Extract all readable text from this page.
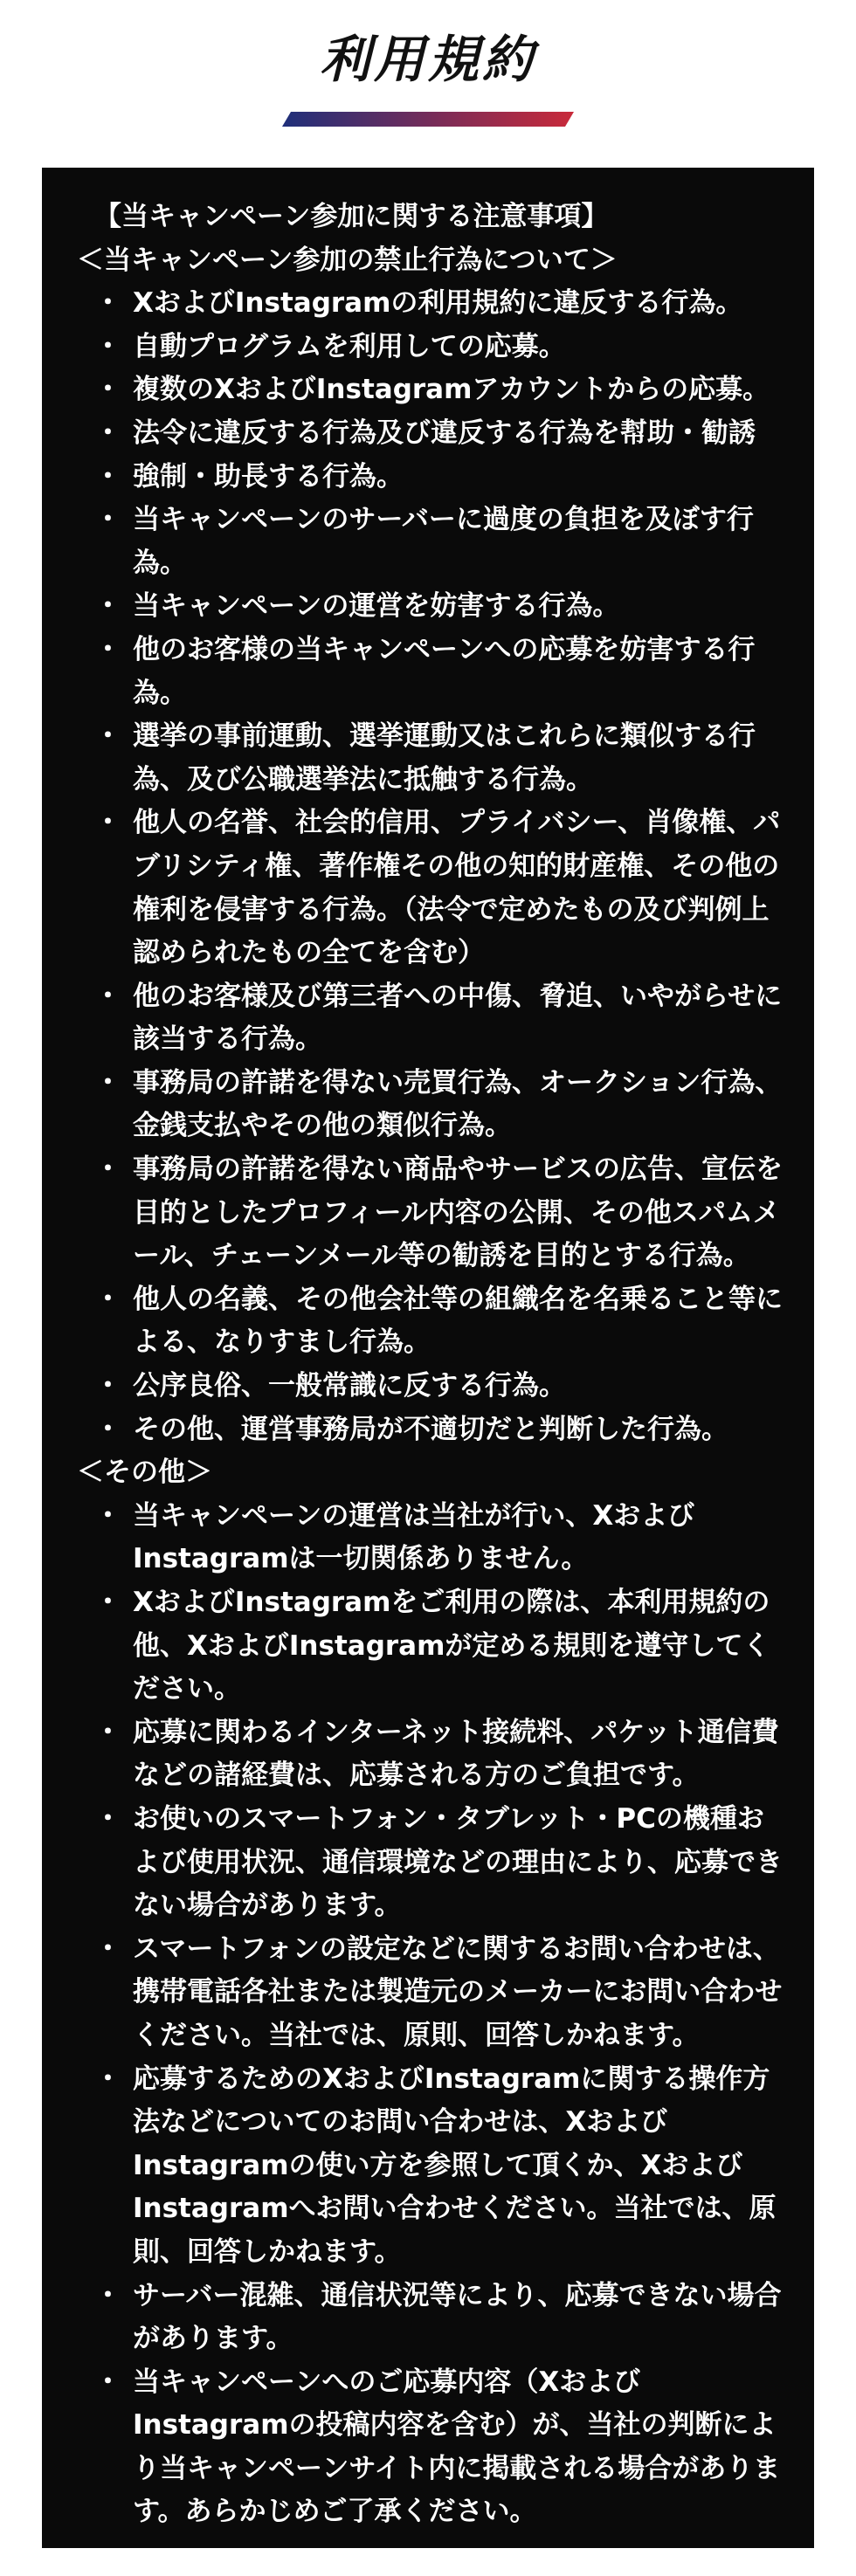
利用規約
【当キャンペーン参加に関する注意事項】
＜当キャンペーン参加の禁止行為について＞
・ XおよびInstagramの利用規約に違反する行為。
・ 自動プログラムを利用しての応募。
・ 複数のXおよびInstagramアカウントからの応募。
・ 法令に違反する行為及び違反する行為を幇助・勧誘
・ 強制・助長する行為。
・ 当キャンペーンのサーバーに過度の負担を及ぼす行為。
・ 当キャンペーンの運営を妨害する行為。
・ 他のお客様の当キャンペーンへの応募を妨害する行為。
・ 選挙の事前運動、選挙運動又はこれらに類似する行為、及び公職選挙法に抵触する行為。
・ 他人の名誉、社会的信用、プライバシー、肖像権、パブリシティ権、著作権その他の知的財産権、その他の権利を侵害する行為。（法令で定めたもの及び判例上認められたもの全てを含む）
・ 他のお客様及び第三者への中傷、脅迫、いやがらせに該当する行為。
・ 事務局の許諾を得ない売買行為、オークション行為、金銭支払やその他の類似行為。
・ 事務局の許諾を得ない商品やサービスの広告、宣伝を目的としたプロフィール内容の公開、その他スパムメール、チェーンメール等の勧誘を目的とする行為。
・ 他人の名義、その他会社等の組織名を名乗ること等による、なりすまし行為。
・ 公序良俗、一般常識に反する行為。
・ その他、運営事務局が不適切だと判断した行為。
＜その他＞
・ 当キャンペーンの運営は当社が行い、XおよびInstagramは一切関係ありません。
・ XおよびInstagramをご利用の際は、本利用規約の他、XおよびInstagramが定める規則を遵守してください。
・ 応募に関わるインターネット接続料、パケット通信費などの諸経費は、応募される方のご負担です。
・ お使いのスマートフォン・タブレット・PCの機種および使用状況、通信環境などの理由により、応募できない場合があります。
・ スマートフォンの設定などに関するお問い合わせは、携帯電話各社または製造元のメーカーにお問い合わせください。当社では、原則、回答しかねます。
・ 応募するためのXおよびInstagramに関する操作方法などについてのお問い合わせは、XおよびInstagramの使い方を参照して頂くか、XおよびInstagramへお問い合わせください。当社では、原則、回答しかねます。
・ サーバー混雑、通信状況等により、応募できない場合があります。
・ 当キャンペーンへのご応募内容（XおよびInstagramの投稿内容を含む）が、当社の判断により当キャンペーンサイト内に掲載される場合があります。あらかじめご了承ください。
